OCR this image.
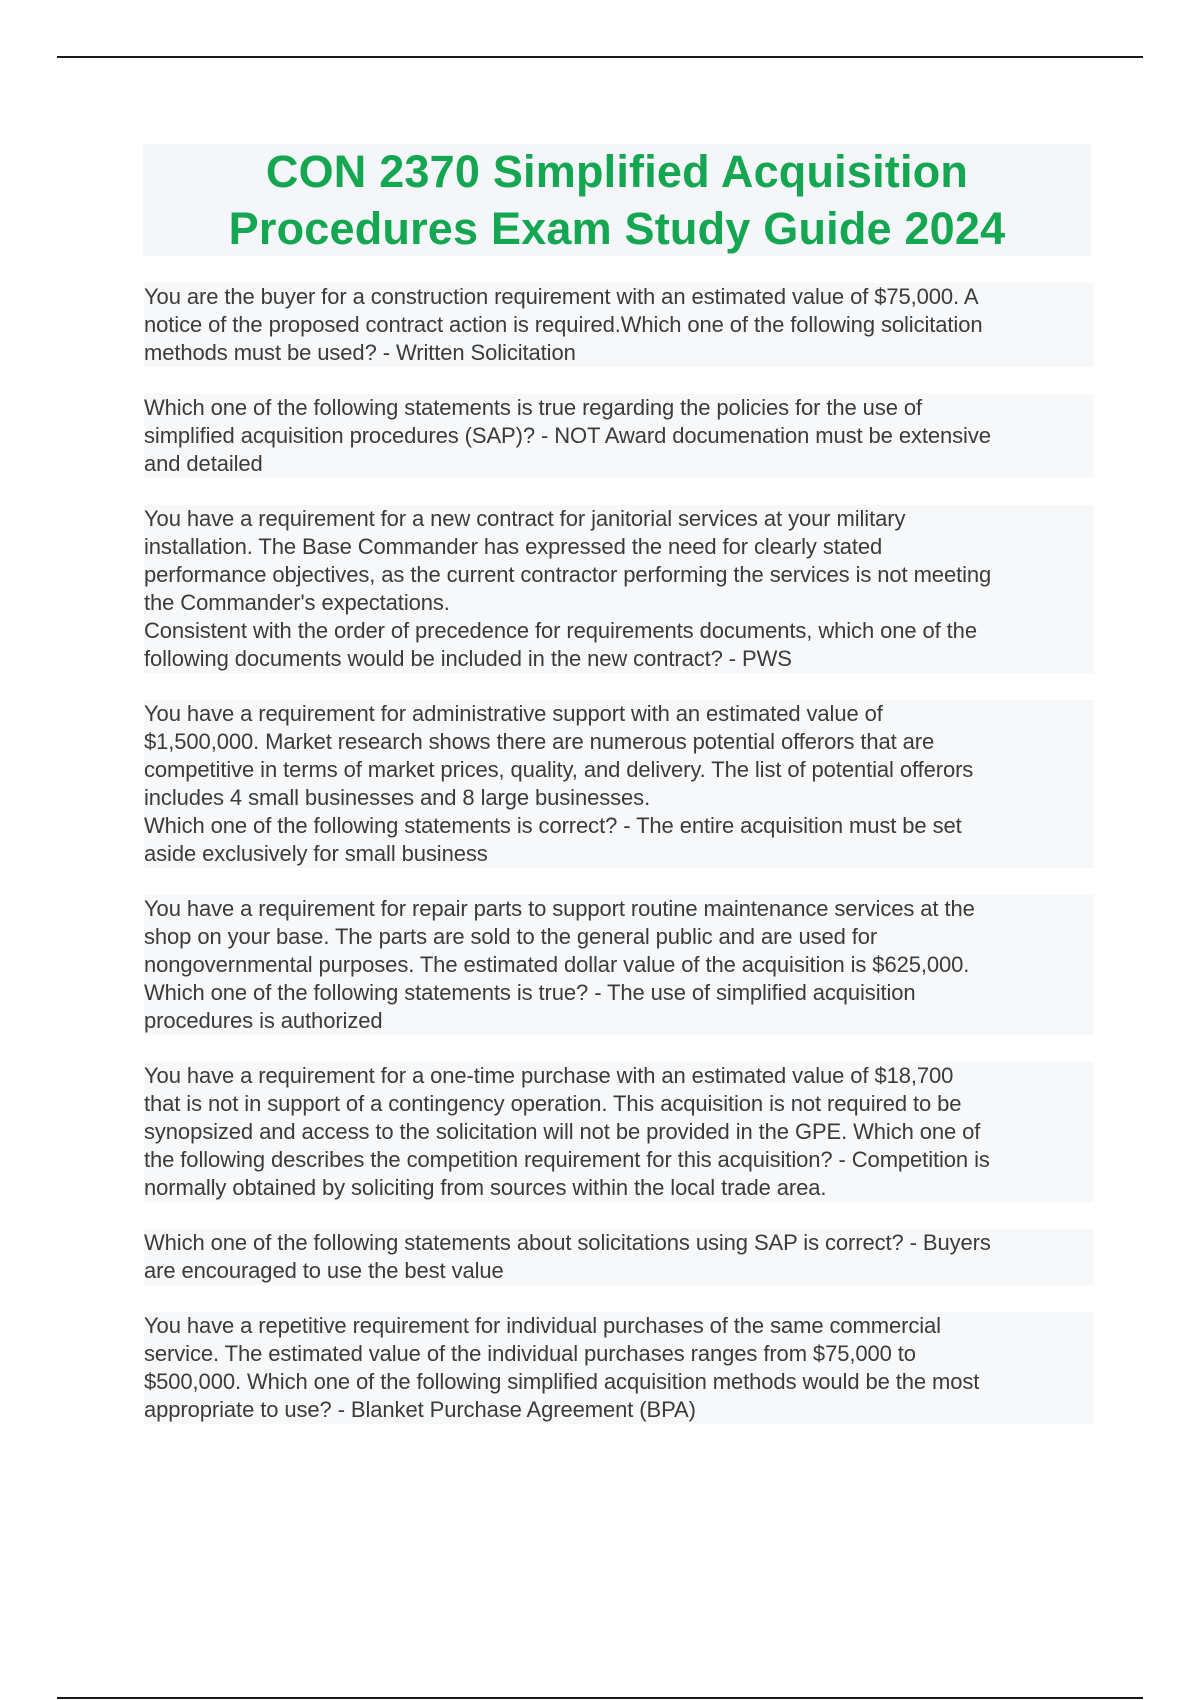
CON 2370 Simplified Acquisition
Procedures Exam Study Guide 2024
You are the buyer for a construction requirement with an estimated value of $75,000. A
notice of the proposed contract action is required.Which one of the following solicitation
methods must be used? - Written Solicitation
Which one of the following statements is true regarding the policies for the use of
simplified acquisition procedures (SAP)? - NOT Award documenation must be extensive
and detailed
You have a requirement for a new contract for janitorial services at your military
installation. The Base Commander has expressed the need for clearly stated
performance objectives, as the current contractor performing the services is not meeting
the Commander's expectations.
Consistent with the order of precedence for requirements documents, which one of the
following documents would be included in the new contract? - PWS
You have a requirement for administrative support with an estimated value of
$1,500,000. Market research shows there are numerous potential offerors that are
competitive in terms of market prices, quality, and delivery. The list of potential offerors
includes 4 small businesses and 8 large businesses.
Which one of the following statements is correct? - The entire acquisition must be set
aside exclusively for small business
You have a requirement for repair parts to support routine maintenance services at the
shop on your base. The parts are sold to the general public and are used for
nongovernmental purposes. The estimated dollar value of the acquisition is $625,000.
Which one of the following statements is true? - The use of simplified acquisition
procedures is authorized
You have a requirement for a one-time purchase with an estimated value of $18,700
that is not in support of a contingency operation. This acquisition is not required to be
synopsized and access to the solicitation will not be provided in the GPE. Which one of
the following describes the competition requirement for this acquisition? - Competition is
normally obtained by soliciting from sources within the local trade area.
Which one of the following statements about solicitations using SAP is correct? - Buyers
are encouraged to use the best value
You have a repetitive requirement for individual purchases of the same commercial
service. The estimated value of the individual purchases ranges from $75,000 to
$500,000. Which one of the following simplified acquisition methods would be the most
appropriate to use? - Blanket Purchase Agreement (BPA)
